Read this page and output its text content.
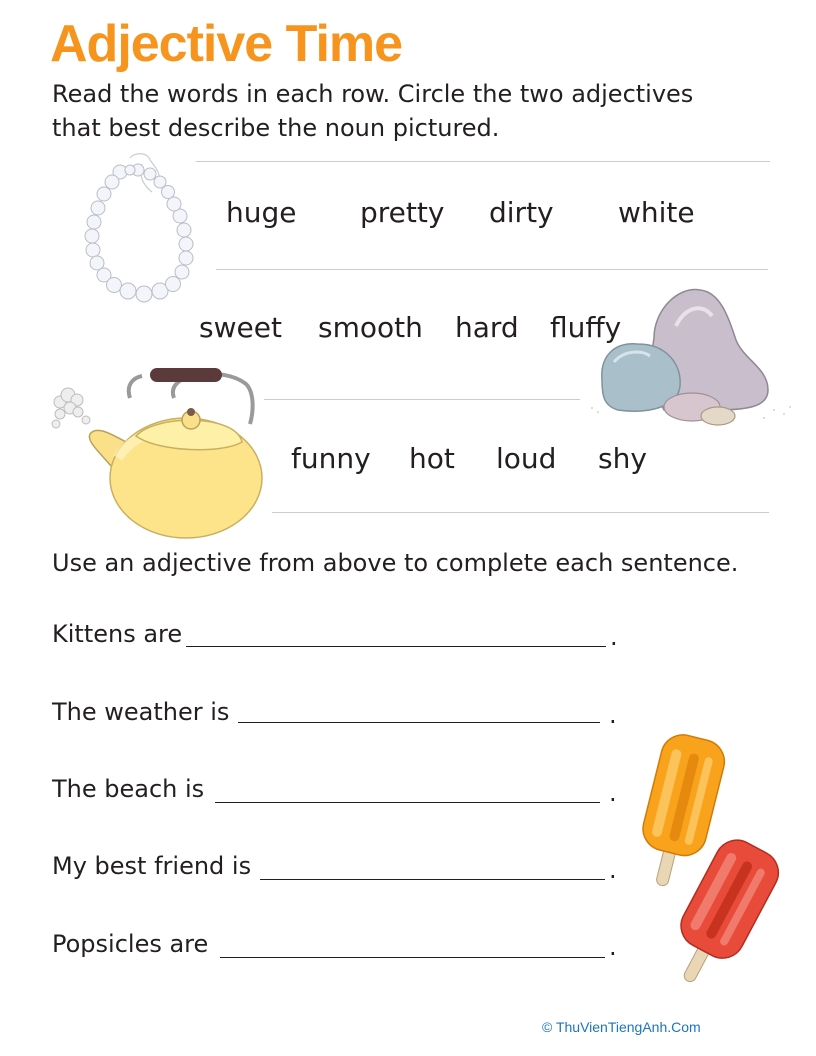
Adjective Time

Read the words in each row. Circle the two adjectives

that best describe the noun pictured.

huge pretty dirty white
sweet smooth hard fluffy
funny hot loud shy

Use an adjective from above to complete each sentence.

Kittens are	.
The weather is	.
The beach is	.
My best friend is	.
Popsicles are	.
© ThuVienTiengAnh.Com
